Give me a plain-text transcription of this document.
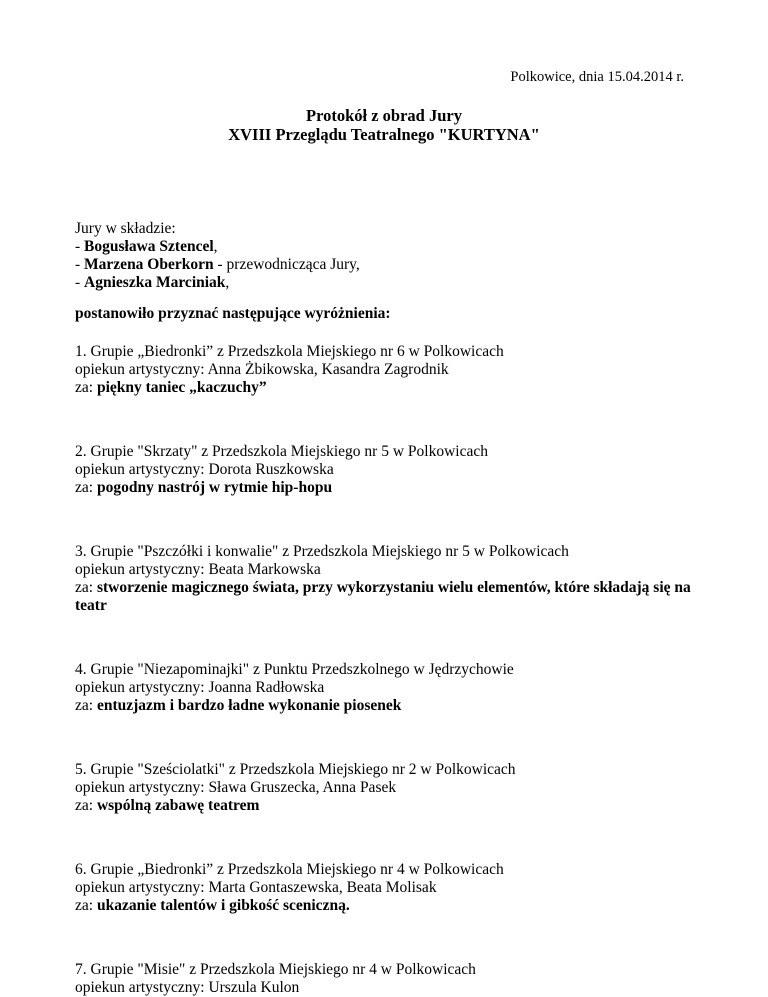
Polkowice, dnia 15.04.2014 r.
Protokół z obrad Jury
XVIII Przeglądu Teatralnego "KURTYNA"
Jury w składzie:
- Bogusława Sztencel,
- Marzena Oberkorn - przewodnicząca Jury,
- Agnieszka Marciniak,
postanowiło przyznać następujące wyróżnienia:
1. Grupie „Biedronki” z Przedszkola Miejskiego nr 6 w Polkowicach
opiekun artystyczny: Anna Żbikowska, Kasandra Zagrodnik
za: piękny taniec „kaczuchy”
2. Grupie "Skrzaty" z Przedszkola Miejskiego nr 5 w Polkowicach
opiekun artystyczny: Dorota Ruszkowska
za: pogodny nastrój w rytmie hip-hopu
3. Grupie "Pszczółki i konwalie" z Przedszkola Miejskiego nr 5 w Polkowicach
opiekun artystyczny: Beata Markowska
za: stworzenie magicznego świata, przy wykorzystaniu wielu elementów, które składają się na teatr
4. Grupie "Niezapominajki" z Punktu Przedszkolnego w Jędrzychowie
opiekun artystyczny: Joanna Radłowska
za: entuzjazm i bardzo ładne wykonanie piosenek
5. Grupie "Sześciolatki" z Przedszkola Miejskiego nr 2 w Polkowicach
opiekun artystyczny: Sława Gruszecka, Anna Pasek
za: wspólną zabawę teatrem
6. Grupie „Biedronki” z Przedszkola Miejskiego nr 4 w Polkowicach
opiekun artystyczny: Marta Gontaszewska, Beata Molisak
za: ukazanie talentów i gibkość sceniczną.
7. Grupie "Misie" z Przedszkola Miejskiego nr 4 w Polkowicach
opiekun artystyczny: Urszula Kulon
